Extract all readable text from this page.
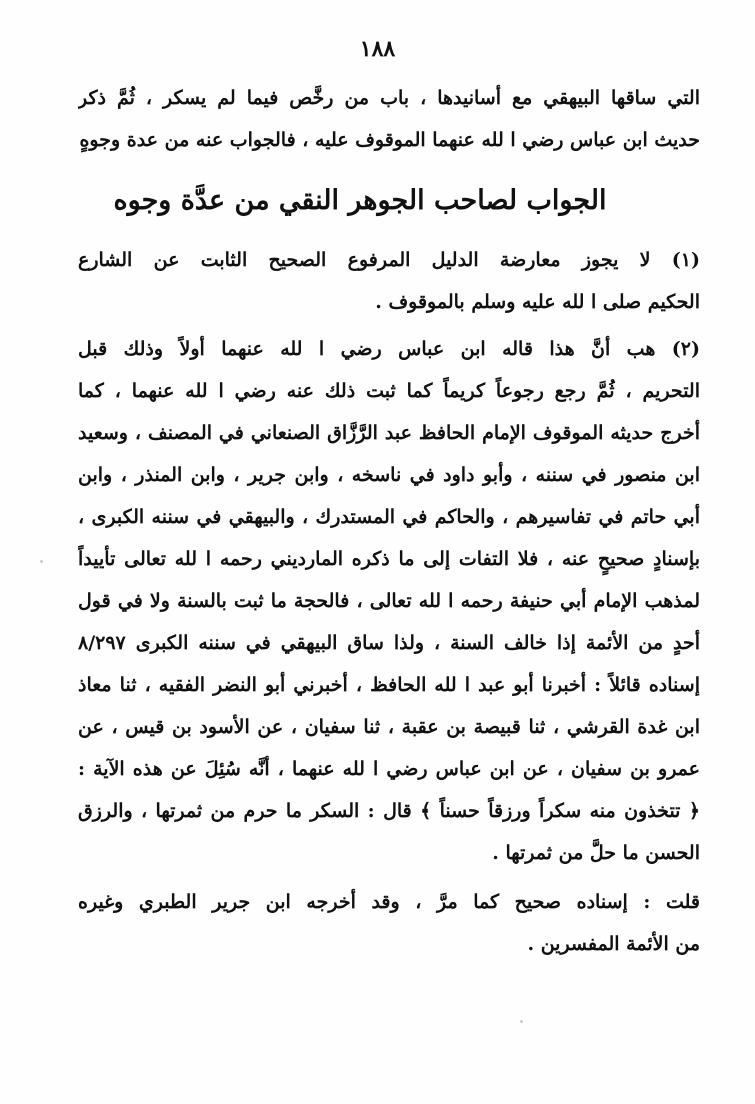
١٨٨
التي ساقها البيهقي مع أسانيدها ، باب من رخَّص فيما لم يسكر ، ثُمَّ ذكر
حديث ابن عباس رضي ا لله عنهما الموقوف عليه ، فالجواب عنه من عدة وجوهٍ
الجواب لصاحب الجوهر النقي من عدَّة وجوه
(١) لا يجوز معارضة الدليل المرفوع الصحيح الثابت عن الشارع
الحكيم صلى ا لله عليه وسلم بالموقوف .
(٢) هب أنَّ هذا قاله ابن عباس رضي ا لله عنهما أولاً وذلك قبل
التحريم ، ثُمَّ رجع رجوعاً كريماً كما ثبت ذلك عنه رضي ا لله عنهما ، كما
أخرج حديثه الموقوف الإمام الحافظ عبد الرَّزَّاق الصنعاني في المصنف ، وسعيد
ابن منصور في سننه ، وأبو داود في ناسخه ، وابن جرير ، وابن المنذر ، وابن
أبي حاتم في تفاسيرهم ، والحاكم في المستدرك ، والبيهقي في سننه الكبرى ،
بإسنادٍ صحيحٍ عنه ، فلا التفات إلى ما ذكره المارديني رحمه ا لله تعالى تأييداً
لمذهب الإمام أبي حنيفة رحمه ا لله تعالى ، فالحجة ما ثبت بالسنة ولا في قول
أحدٍ من الأئمة إذا خالف السنة ، ولذا ساق البيهقي في سننه الكبرى ٨/٢٩٧
إسناده قائلاً : أخبرنا أبو عبد ا لله الحافظ ، أخبرني أبو النضر الفقيه ، ثنا معاذ
ابن غدة القرشي ، ثنا قبيصة بن عقبة ، ثنا سفيان ، عن الأسود بن قيس ، عن
عمرو بن سفيان ، عن ابن عباس رضي ا لله عنهما ، أنَّه سُئِلَ عن هذه الآية :
﴿ تتخذون منه سكراً ورزقاً حسناً ﴾ قال : السكر ما حرم من ثمرتها ، والرزق
الحسن ما حلَّ من ثمرتها .
قلت : إسناده صحيح كما مرَّ ، وقد أخرجه ابن جرير الطبري وغيره
من الأئمة المفسرين .
